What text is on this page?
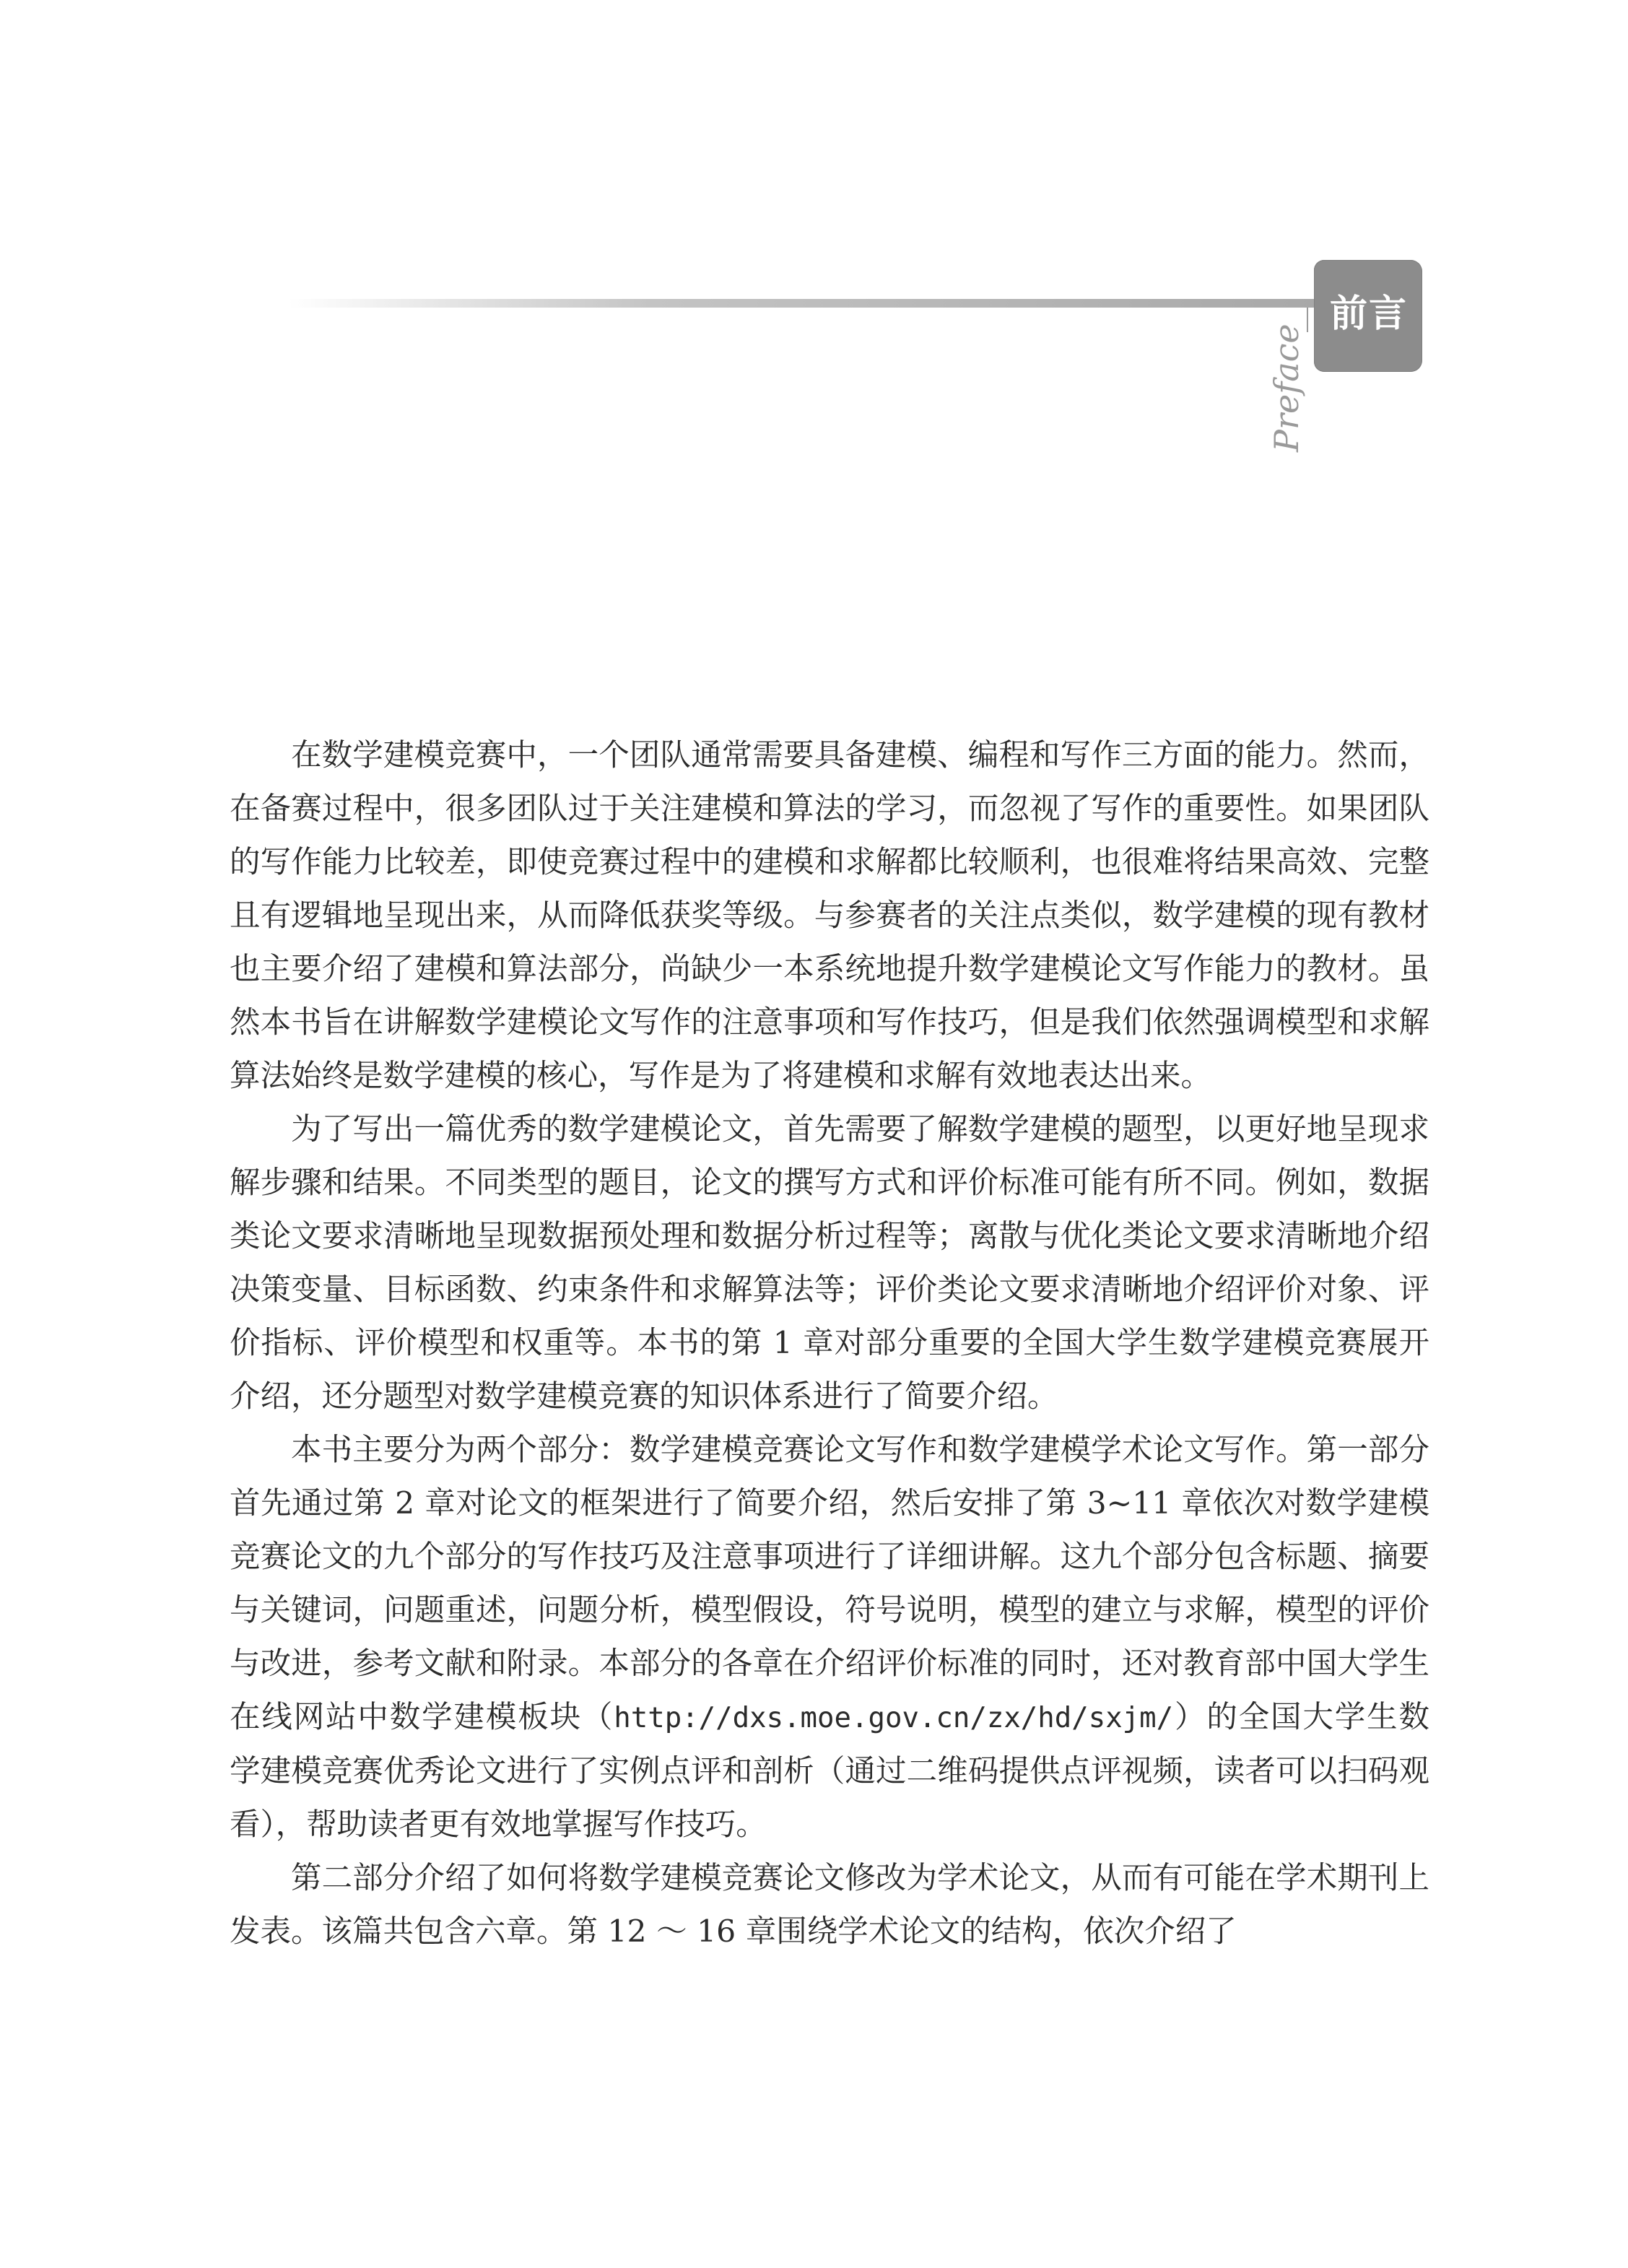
前言
Preface

在数学建模竞赛中，一个团队通常需要具备建模、编程和写作三方面的能力。然而，在备赛过程中，很多团队过于关注建模和算法的学习，而忽视了写作的重要性。如果团队的写作能力比较差，即使竞赛过程中的建模和求解都比较顺利，也很难将结果高效、完整且有逻辑地呈现出来，从而降低获奖等级。与参赛者的关注点类似，数学建模的现有教材也主要介绍了建模和算法部分，尚缺少一本系统地提升数学建模论文写作能力的教材。虽然本书旨在讲解数学建模论文写作的注意事项和写作技巧，但是我们依然强调模型和求解算法始终是数学建模的核心，写作是为了将建模和求解有效地表达出来。

为了写出一篇优秀的数学建模论文，首先需要了解数学建模的题型，以更好地呈现求解步骤和结果。不同类型的题目，论文的撰写方式和评价标准可能有所不同。例如，数据类论文要求清晰地呈现数据预处理和数据分析过程等；离散与优化类论文要求清晰地介绍决策变量、目标函数、约束条件和求解算法等；评价类论文要求清晰地介绍评价对象、评价指标、评价模型和权重等。本书的第 1 章对部分重要的全国大学生数学建模竞赛展开介绍，还分题型对数学建模竞赛的知识体系进行了简要介绍。

本书主要分为两个部分：数学建模竞赛论文写作和数学建模学术论文写作。第一部分首先通过第 2 章对论文的框架进行了简要介绍，然后安排了第 3~11 章依次对数学建模竞赛论文的九个部分的写作技巧及注意事项进行了详细讲解。这九个部分包含标题、摘要与关键词，问题重述，问题分析，模型假设，符号说明，模型的建立与求解，模型的评价与改进，参考文献和附录。本部分的各章在介绍评价标准的同时，还对教育部中国大学生在线网站中数学建模板块（http://dxs.moe.gov.cn/zx/hd/sxjm/）的全国大学生数学建模竞赛优秀论文进行了实例点评和剖析（通过二维码提供点评视频，读者可以扫码观看），帮助读者更有效地掌握写作技巧。

第二部分介绍了如何将数学建模竞赛论文修改为学术论文，从而有可能在学术期刊上发表。该篇共包含六章。第 12 ～ 16 章围绕学术论文的结构，依次介绍了
